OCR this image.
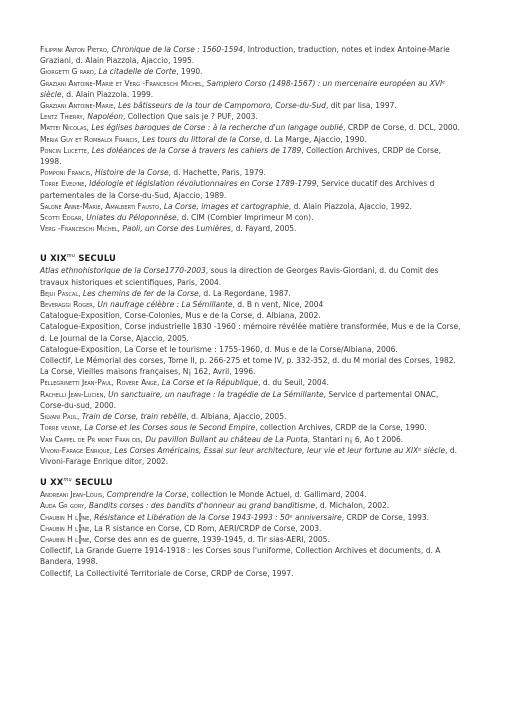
Filippini Anton Pietro, Chronique de la Corse : 1560-1594, Introduction, traduction, notes et index Antoine-Marie Graziani, d. Alain Piazzola, Ajaccio, 1995.

Giorgetti G rard, La citadelle de Corte, 1990.

Graziani Antoine-Marie et Verg -Franceschi Michel, Sampiero Corso (1498-1567) : un mercenaire européen au XVIᵉ siècle, d. Alain Piazzola. 1999.

Graziani Antoine-Marie, Les bâtisseurs de la tour de Campomoro, Corse-du-Sud, dit par Iisa, 1997.

Lentz Thierry, Napoléon, Collection Que sais je ? PUF, 2003.

Mattei Nicolas, Les églises baroques de Corse : à la recherche d'un langage oublié, CRDP de Corse, d. DCL, 2000.

Meria Guy et Rombaldi Francis, Les tours du littoral de la Corse, d. La Marge, Ajaccio, 1990.

Poncin Lucette, Les doléances de la Corse à travers les cahiers de 1789, Collection Archives, CRDP de Corse, 1998.

Pomponi Francis, Histoire de la Corse, d. Hachette, Paris, 1979.

Torre Evelyne, Idéologie et législation révolutionnaires en Corse 1789-1799, Service ducatif des Archives d partementales de la Corse-du-Sud, Ajaccio, 1989.

Salone Anne-Marie, Amalberti Fausto, La Corse, images et cartographie, d. Alain Piazzola, Ajaccio, 1992.

Scotti Edgar, Uniates du Péloponnèse, d. CIM (Combier Imprimeur M con).

Verg -Franceschi Michel, Paoli, un Corse des Lumières, d. Fayard, 2005.

U $XIX^{mu}$ SECULU

Atlas ethnohistorique de la Corse1770-2003, sous la direction de Georges Ravis-Giordani, d. du Comit des travaux historiques et scientifiques, Paris, 2004.

Bejui Pascal, Les chemins de fer de la Corse, d. La Regordane, 1987.

Beveraggi Roger, Un naufrage célèbre : La Sémillante, d. B n vent, Nice, 2004

Catalogue-Exposition, Corse-Colonies, Mus e de la Corse, d. Albiana, 2002.

Catalogue-Exposition, Corse industrielle 1830 -1960 : mémoire révélée matière transformée, Mus e de la Corse, d. Le Journal de la Corse, Ajaccio, 2005.

Catalogue-Exposition, La Corse et le tourisme : 1755-1960, d. Mus e de la Corse/Albiana, 2006.

Collectif, Le Mémorial des corses, Tome II, p. 266-275 et tome IV, p. 332-352, d. du M morial des Corses, 1982.

La Corse, Vieilles maisons françaises, N¡ 162, Avril, 1996.

Pellegrinetti Jean-Paul, Rovere Ange, La Corse et la République, d. du Seuil, 2004.

Rachelli Jean-Lucien, Un sanctuaire, un naufrage : la tragédie de La Sémillante, Service d partemental ONAC, Corse-du-sud, 2000.

Silvani Paul, Train de Corse, train rebèlle, d. Albiana, Ajaccio, 2005.

Torre velyne, La Corse et les Corses sous le Second Empire, collection Archives, CRDP de la Corse, 1990.

Van Cappel de Pr mont Fran ois, Du pavillon Bullant au château de La Punta, Stantari n¡ 6, Ao t 2006.

Vivoni-Farage Enrique, Les Corses Américains, Essai sur leur architecture, leur vie et leur fortune au XIXᵉ siècle, d. Vivoni-Farage Enrique ditor, 2002.

U $XX^{mu}$ SECULU

Andreani Jean-Louis, Comprendre la Corse, collection le Monde Actuel, d. Gallimard, 2004.

Auda Gr gory, Bandits corses : des bandits d'honneur au grand banditisme, d. Michalon, 2002.

Chaubin H l╠ne, Résistance et Libération de la Corse 1943-1993 : 50ᵉ anniversaire, CRDP de Corse, 1993.

Chaubin H l╠ne, La R sistance en Corse, CD Rom, AERI/CRDP de Corse, 2003.

Chaubin H l╠ne, Corse des ann es de guerre, 1939-1945, d. Tir sias-AERI, 2005.

Collectif, La Grande Guerre 1914-1918 : les Corses sous l'uniforme, Collection Archives et documents, d. A Bandera, 1998.

Collectif, La Collectivité Territoriale de Corse, CRDP de Corse, 1997.
